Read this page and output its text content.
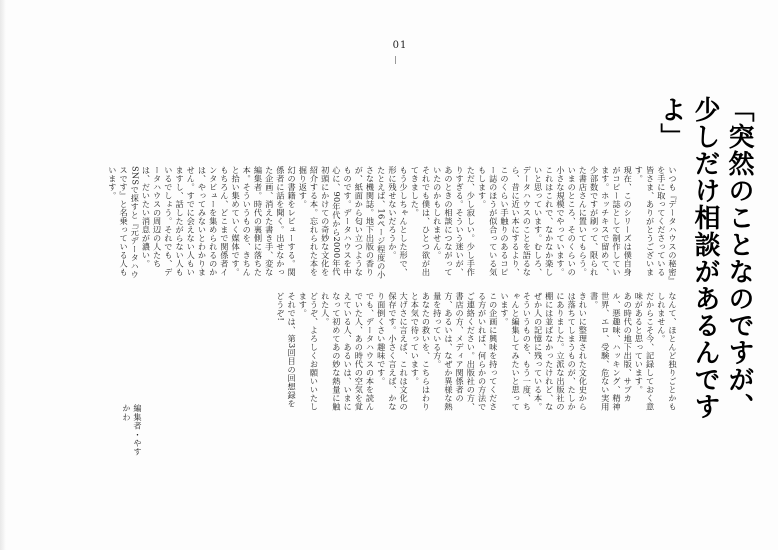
01
「突然のことなのですが、
少しだけ相談があるんですよ」
いつも『データハウスの秘密』を手に取ってくださっている皆さま、ありがとうございます。
現在、このシリーズは僕自身がコピー誌として制作しています。ホッチキスで留めて、少部数ですが刷って、限られた書店さんに置いてもらう。いまのところ、そのくらいの小さな規模でやっています。
これはこれで、なかなか楽しいと思っています。むしろ、データハウスのことを語るなら、昔に近い本にするより、このくらい手触りのあるコピー誌のほうが似合っている気もします。
ただ、少し寂しい。少し手作りすぎる。そういう迷いが、あのときの相談につながっていたのかもしれません。
それでも僕は、ひとつ欲が出てきました。
もう少しちゃんとした形で、形に残せないだろうか。
たとえば、16ページ程度の小さな機関誌。地下出版の香りが、紙面から匂い立つようなものです。データハウスを中心に、90年代から2000年代初頭にかけての奇妙な文化を紹介する本。忘れられた本を掘り返す。
幻の書籍をレビューする。関係者に話を聞く。出せなかった企画、消えた書き手、変な編集者。時代の裏側に落ちた本。そういうものを、きちんと拾い集めていく媒体です。
もちろん、どこまで関係者インタビューを集められるのかは、やってみないとわかりません。すでに会えない人もいますし、話したがらない人もいるでしょう。それでも、データハウスの周辺の人たちは、だいたい消息が濃い。SNSで探すと『元データハウスです』と名乗っている人もいます。
なんて、ほとんど独りごとかもしれません。
だからこそ今、記録しておく意味があると思っています。
あの時代の地下出版、サブカル、悪趣味、ハッキング、精神世界、エロ、受験、危ない実用書。
きれいに整理された文化史からは落ちてしまうものが、たしかにありました。立派な出版社の棚には並ばなかったけれど、なぜか人の記憶に残っている本。
そういうものを、もう一度、ちゃんと編集してみたいと思っています。
この企画に興味を持ってくださる方がいれば、何らかの方法でご連絡ください。出版社の方、書店の方、メディア関係者の方、あるいは、なぜか異様な熱量を持っている方。
あなたの救いを、こちらはわりと本気で待っています。
大げさに言えば、これは文化の保存です。小さく言えば、かなり面倒くさい趣味です。
でも、データハウスの本を読んでいた人、あの時代の空気を覚えている人、あるいは、いまになって初めてあの妙な熱量に触れた人。
どうぞ、よろしくお願いいたします。
それでは、第3回目の回想録をどうぞ!
編集者・やすかわ
